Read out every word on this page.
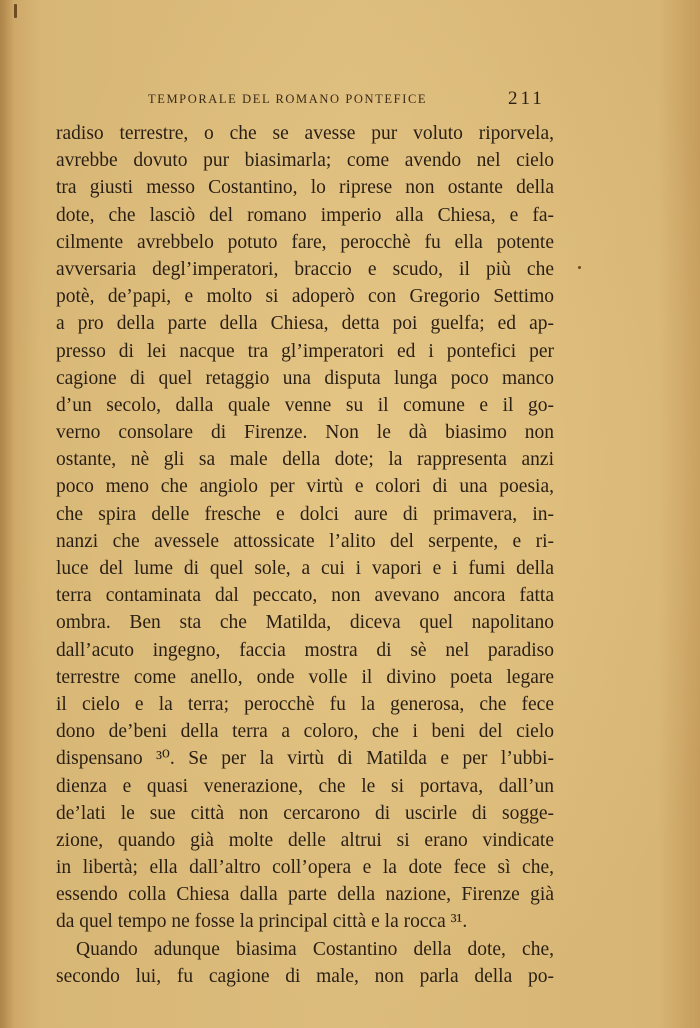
TEMPORALE DEL ROMANO PONTEFICE	211
radiso terrestre, o che se avesse pur voluto riporvela,
avrebbe dovuto pur biasimarla; come avendo nel cielo
tra giusti messo Costantino, lo riprese non ostante della
dote, che lasciò del romano imperio alla Chiesa, e fa-
cilmente avrebbelo potuto fare, perocchè fu ella potente
avversaria degl’imperatori, braccio e scudo, il più che
potè, de’papi, e molto si adoperò con Gregorio Settimo
a pro della parte della Chiesa, detta poi guelfa; ed ap-
presso di lei nacque tra gl’imperatori ed i pontefici per
cagione di quel retaggio una disputa lunga poco manco
d’un secolo, dalla quale venne su il comune e il go-
verno consolare di Firenze. Non le dà biasimo non
ostante, nè gli sa male della dote; la rappresenta anzi
poco meno che angiolo per virtù e colori di una poesia,
che spira delle fresche e dolci aure di primavera, in-
nanzi che avessele attossicate l’alito del serpente, e ri-
luce del lume di quel sole, a cui i vapori e i fumi della
terra contaminata dal peccato, non avevano ancora fatta
ombra. Ben sta che Matilda, diceva quel napolitano
dall’acuto ingegno, faccia mostra di sè nel paradiso
terrestre come anello, onde volle il divino poeta legare
il cielo e la terra; perocchè fu la generosa, che fece
dono de’beni della terra a coloro, che i beni del cielo
dispensano ³⁰. Se per la virtù di Matilda e per l’ubbi-
dienza e quasi venerazione, che le si portava, dall’un
de’lati le sue città non cercarono di uscirle di sogge-
zione, quando già molte delle altrui si erano vindicate
in libertà; ella dall’altro coll’opera e la dote fece sì che,
essendo colla Chiesa dalla parte della nazione, Firenze già
da quel tempo ne fosse la principal città e la rocca ³¹.
Quando adunque biasima Costantino della dote, che,
secondo lui, fu cagione di male, non parla della po-
